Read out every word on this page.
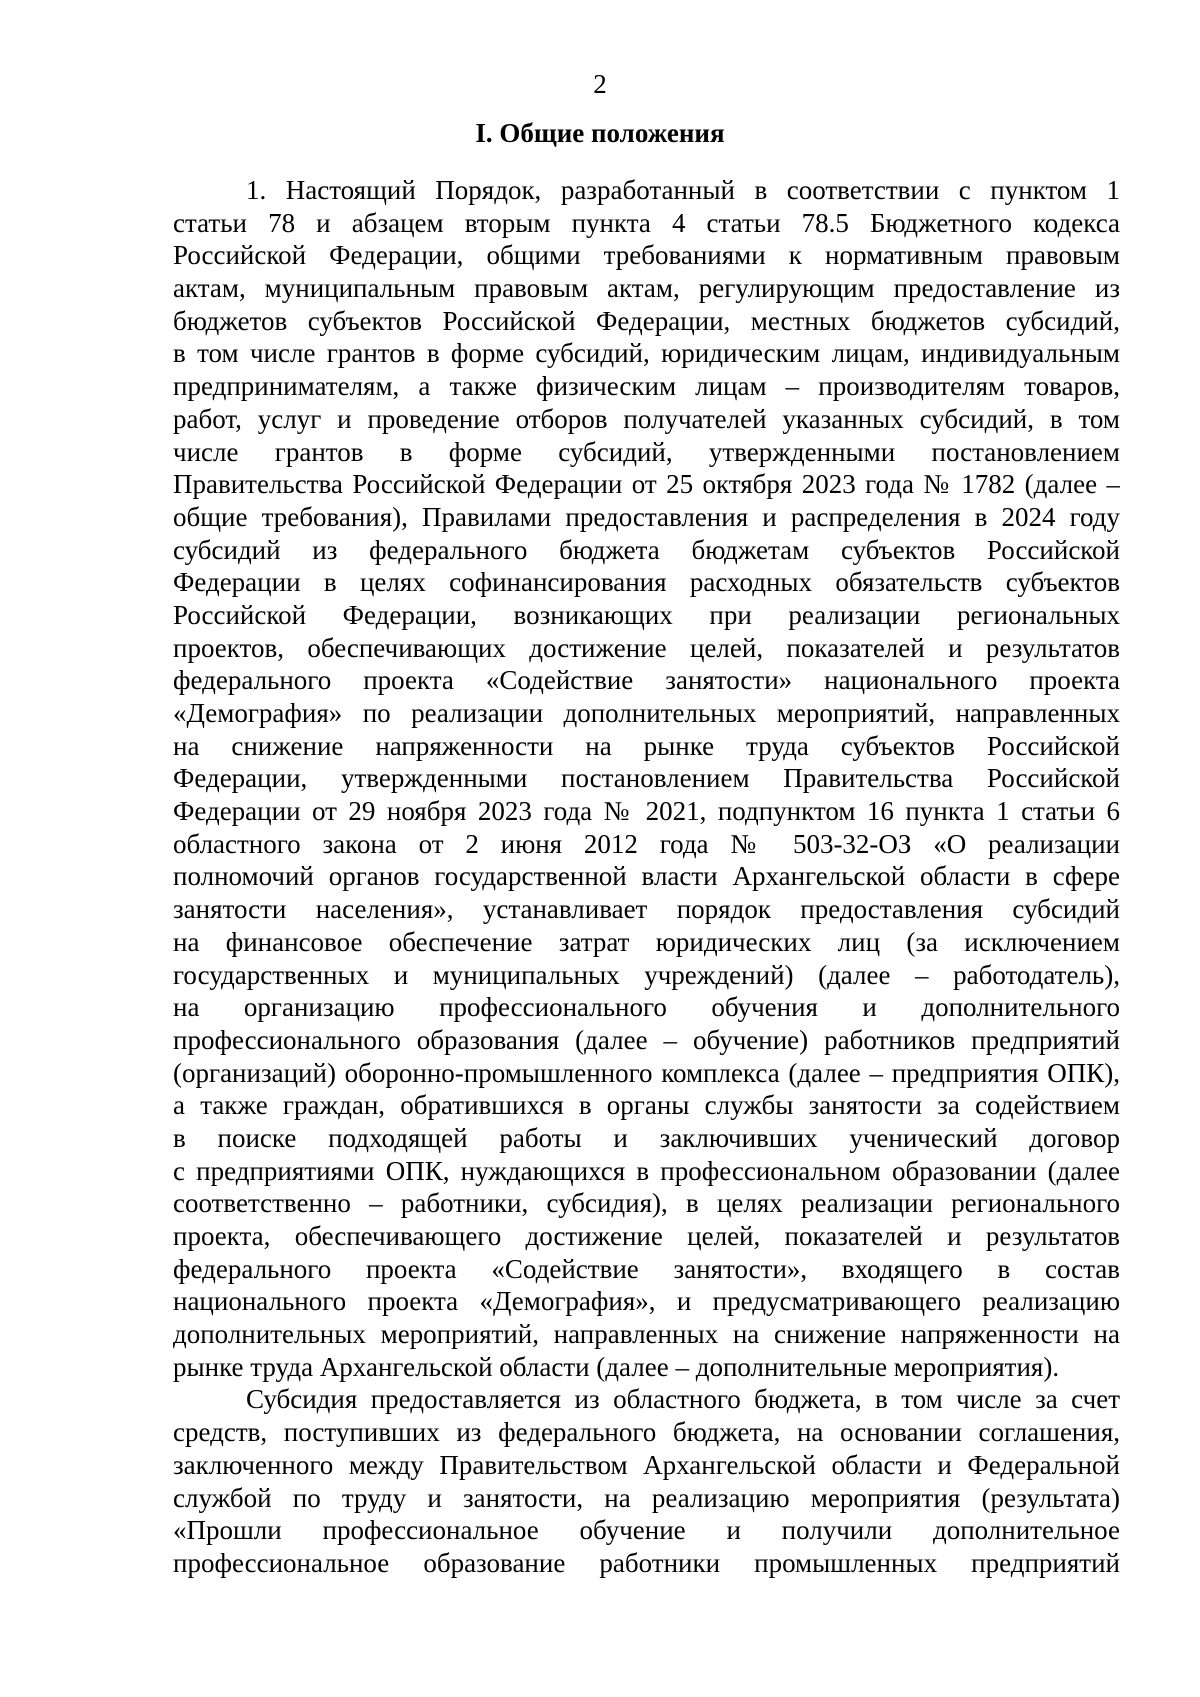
2
I. Общие положения
1. Настоящий Порядок, разработанный в соответствии с пунктом 1
статьи 78 и абзацем вторым пункта 4 статьи 78.5 Бюджетного кодекса
Российской Федерации, общими требованиями к нормативным правовым
актам, муниципальным правовым актам, регулирующим предоставление из
бюджетов субъектов Российской Федерации, местных бюджетов субсидий,
в том числе грантов в форме субсидий, юридическим лицам, индивидуальным
предпринимателям, а также физическим лицам – производителям товаров,
работ, услуг и проведение отборов получателей указанных субсидий, в том
числе грантов в форме субсидий, утвержденными постановлением
Правительства Российской Федерации от 25 октября 2023 года № 1782 (далее –
общие требования), Правилами предоставления и распределения в 2024 году
субсидий из федерального бюджета бюджетам субъектов Российской
Федерации в целях софинансирования расходных обязательств субъектов
Российской Федерации, возникающих при реализации региональных
проектов, обеспечивающих достижение целей, показателей и результатов
федерального проекта «Содействие занятости» национального проекта
«Демография» по реализации дополнительных мероприятий, направленных
на снижение напряженности на рынке труда субъектов Российской
Федерации, утвержденными постановлением Правительства Российской
Федерации от 29 ноября 2023 года № 2021, подпунктом 16 пункта 1 статьи 6
областного закона от 2 июня 2012 года № 503-32-ОЗ «О реализации
полномочий органов государственной власти Архангельской области в сфере
занятости населения», устанавливает порядок предоставления субсидий
на финансовое обеспечение затрат юридических лиц (за исключением
государственных и муниципальных учреждений) (далее – работодатель),
на организацию профессионального обучения и дополнительного
профессионального образования (далее – обучение) работников предприятий
(организаций) оборонно-промышленного комплекса (далее – предприятия ОПК),
а также граждан, обратившихся в органы службы занятости за содействием
в поиске подходящей работы и заключивших ученический договор
с предприятиями ОПК, нуждающихся в профессиональном образовании (далее
соответственно – работники, субсидия), в целях реализации регионального
проекта, обеспечивающего достижение целей, показателей и результатов
федерального проекта «Содействие занятости», входящего в состав
национального проекта «Демография», и предусматривающего реализацию
дополнительных мероприятий, направленных на снижение напряженности на
рынке труда Архангельской области (далее – дополнительные мероприятия).
Субсидия предоставляется из областного бюджета, в том числе за счет
средств, поступивших из федерального бюджета, на основании соглашения,
заключенного между Правительством Архангельской области и Федеральной
службой по труду и занятости, на реализацию мероприятия (результата)
«Прошли профессиональное обучение и получили дополнительное
профессиональное образование работники промышленных предприятий
